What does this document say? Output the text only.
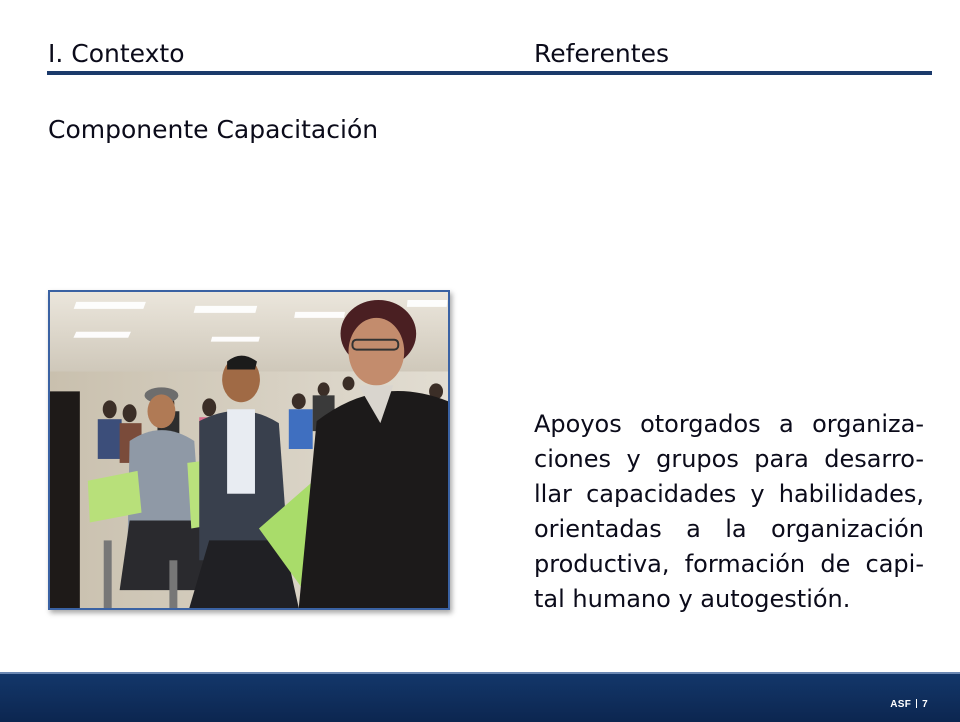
I. Contexto	Referentes
Componente Capacitación
Apoyos otorgados a organiza-
ciones y grupos para desarro-
llar capacidades y habilidades,
orientadas a la organización
productiva, formación de capi-
tal humano y autogestión.
ASF 7
